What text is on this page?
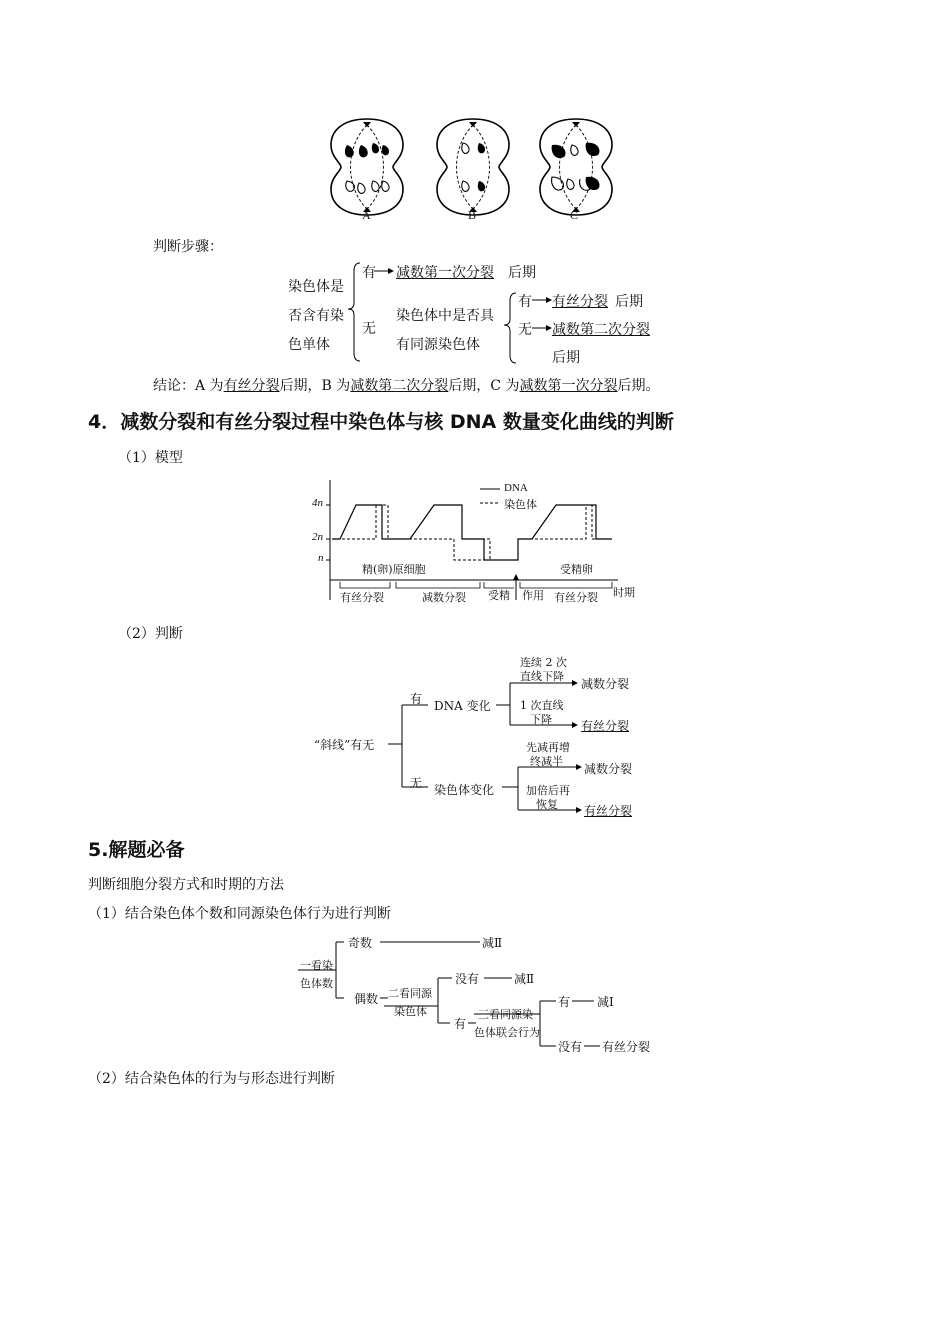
A	B	C
判断步骤：
染色体是
否含有染
色单体
有 减数第一次分裂 后期
无
染色体中是否具
有同源染色体
有 有丝分裂 后期
无 减数第二次分裂
后期
结论：A 为有丝分裂后期，B 为减数第二次分裂后期，C 为减数第一次分裂后期。
4．减数分裂和有丝分裂过程中染色体与核 DNA 数量变化曲线的判断
（1）模型
4n
2n
n
DNA
染色体
精(卵)原细胞	受精卵
有丝分裂	减数分裂 受精 作用 有丝分裂 时期
（2）判断
“斜线”有无
有
无
DNA 变化
染色体变化
连续 2 次
直线下降
1 次直线
下降
先减再增
终减半
加倍后再
恢复
减数分裂
有丝分裂
减数分裂
有丝分裂
5.解题必备
判断细胞分裂方式和时期的方法
（1）结合染色体个数和同源染色体行为进行判断
一看染
色体数
奇数	减Ⅱ
偶数 二看同源
染色体
没有	减Ⅱ
有
三看同源染
色体联会行为
有 减Ⅰ
没有 有丝分裂
（2）结合染色体的行为与形态进行判断
